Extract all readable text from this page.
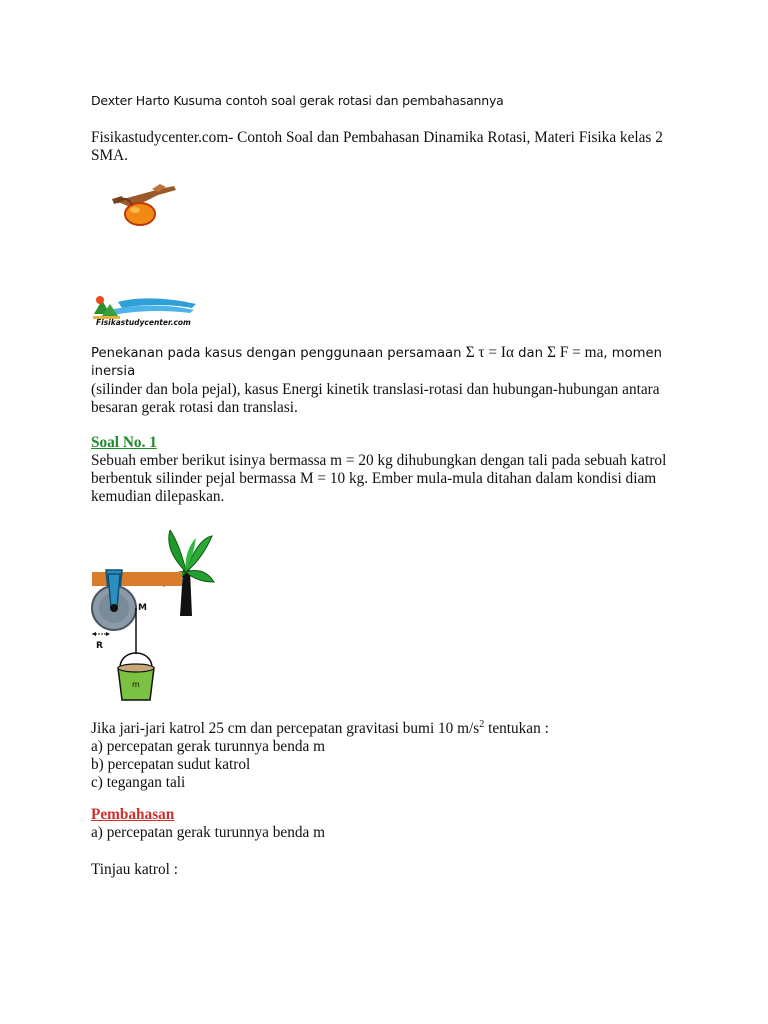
Dexter Harto Kusuma contoh soal gerak rotasi dan pembahasannya

Fisikastudycenter.com- Contoh Soal dan Pembahasan Dinamika Rotasi, Materi Fisika kelas 2
SMA.

Fisikastudycenter.com

Penekanan pada kasus dengan penggunaan persamaan Σ τ = Iα dan Σ F = ma, momen inersia
(silinder dan bola pejal), kasus Energi kinetik translasi-rotasi dan hubungan-hubungan antara
besaran gerak rotasi dan translasi.

Soal No. 1

Sebuah ember berikut isinya bermassa m = 20 kg dihubungkan dengan tali pada sebuah katrol
berbentuk silinder pejal bermassa M = 10 kg. Ember mula-mula ditahan dalam kondisi diam
kemudian dilepaskan.

M
R
m

Jika jari-jari katrol 25 cm dan percepatan gravitasi bumi 10 $m/s^2$ tentukan :
a) percepatan gerak turunnya benda m
b) percepatan sudut katrol
c) tegangan tali

Pembahasan

a) percepatan gerak turunnya benda m

Tinjau katrol :
